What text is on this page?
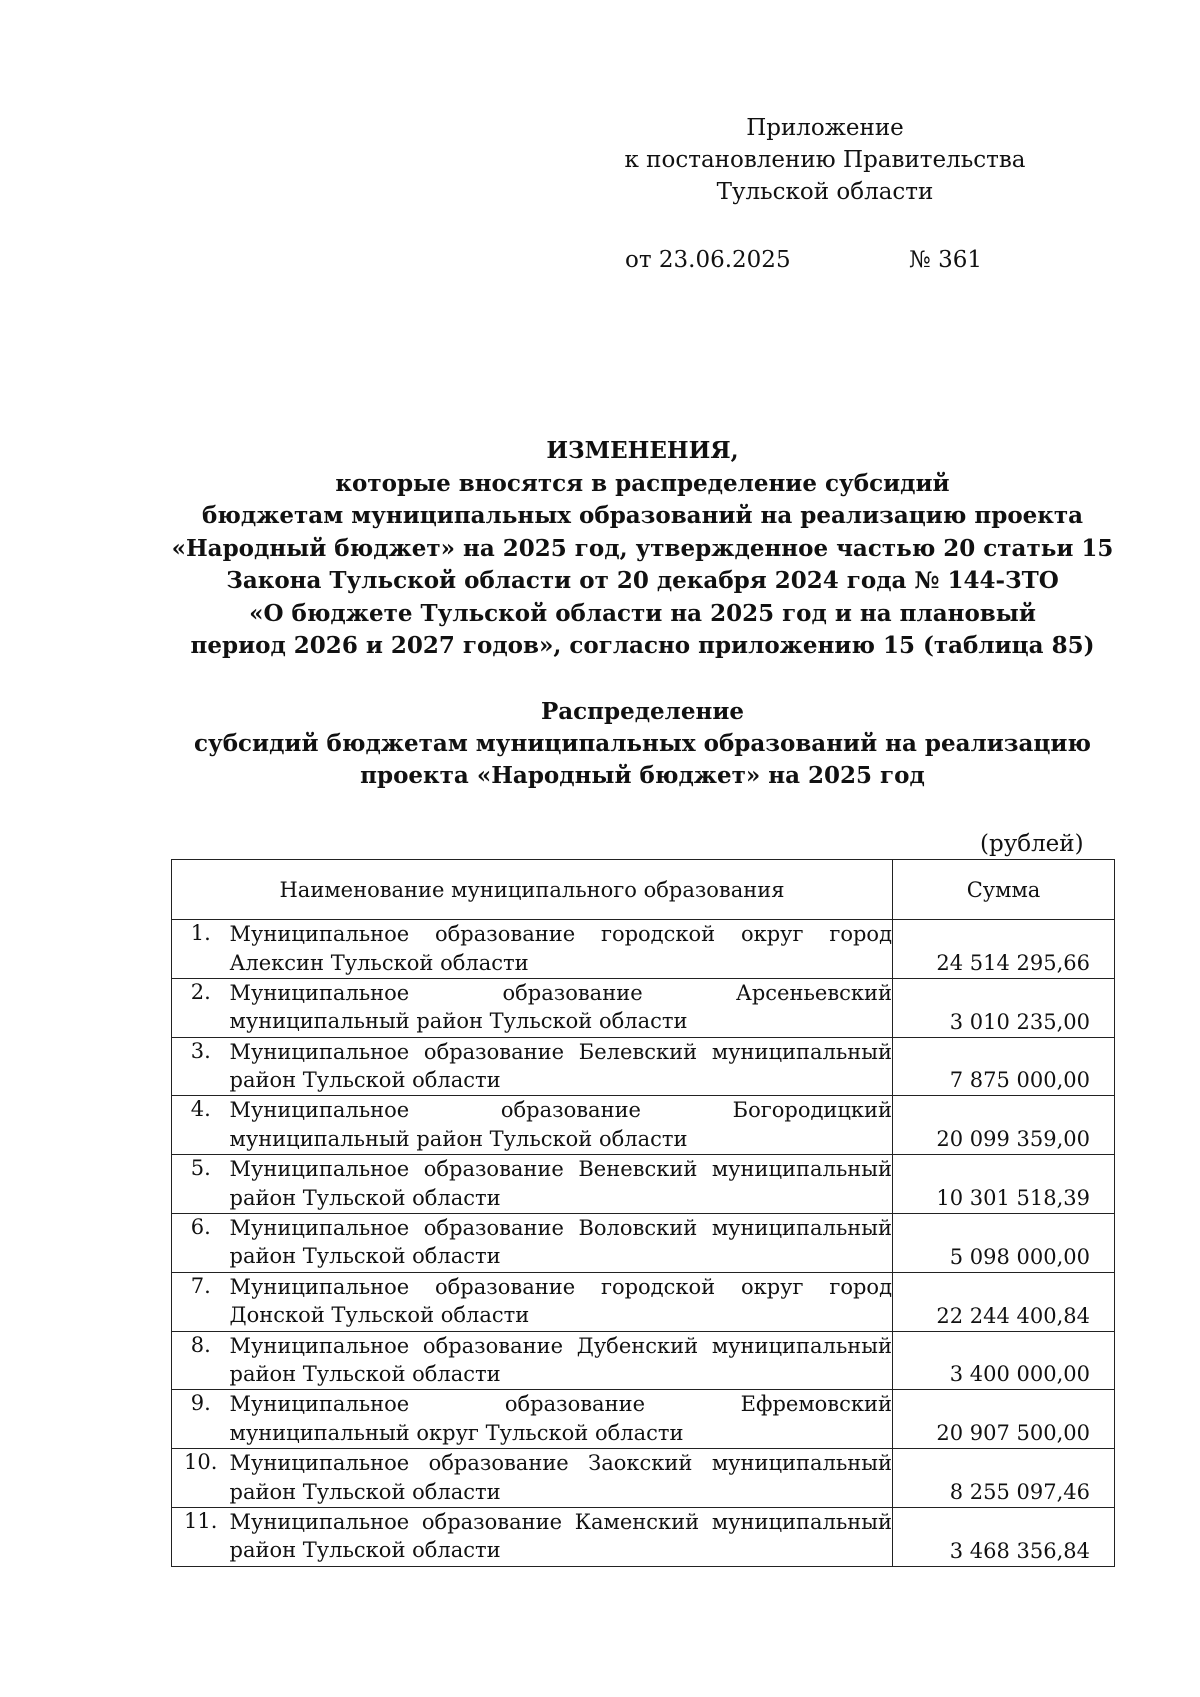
Приложение
к постановлению Правительства
Тульской области
от 23.06.2025	№ 361
ИЗМЕНЕНИЯ,
которые вносятся в распределение субсидий
бюджетам муниципальных образований на реализацию проекта
«Народный бюджет» на 2025 год, утвержденное частью 20 статьи 15
Закона Тульской области от 20 декабря 2024 года № 144-ЗТО
«О бюджете Тульской области на 2025 год и на плановый
период 2026 и 2027 годов», согласно приложению 15 (таблица 85)
Распределение
субсидий бюджетам муниципальных образований на реализацию
проекта «Народный бюджет» на 2025 год
(рублей)
Наименование муниципального образования		Сумма
1.	Муниципальное образование городской округ город Алексин Тульской области	24 514 295,66
2.	Муниципальное образование Арсеньевский муниципальный район Тульской области	3 010 235,00
3.	Муниципальное образование Белевский муниципальный район Тульской области	7 875 000,00
4.	Муниципальное образование Богородицкий муниципальный район Тульской области	20 099 359,00
5.	Муниципальное образование Веневский муниципальный район Тульской области	10 301 518,39
6.	Муниципальное образование Воловский муниципальный район Тульской области	5 098 000,00
7.	Муниципальное образование городской округ город Донской Тульской области	22 244 400,84
8.	Муниципальное образование Дубенский муниципальный район Тульской области	3 400 000,00
9.	Муниципальное образование Ефремовский муниципальный округ Тульской области	20 907 500,00
10.	Муниципальное образование Заокский муниципальный район Тульской области	8 255 097,46
11.	Муниципальное образование Каменский муниципальный район Тульской области	3 468 356,84
